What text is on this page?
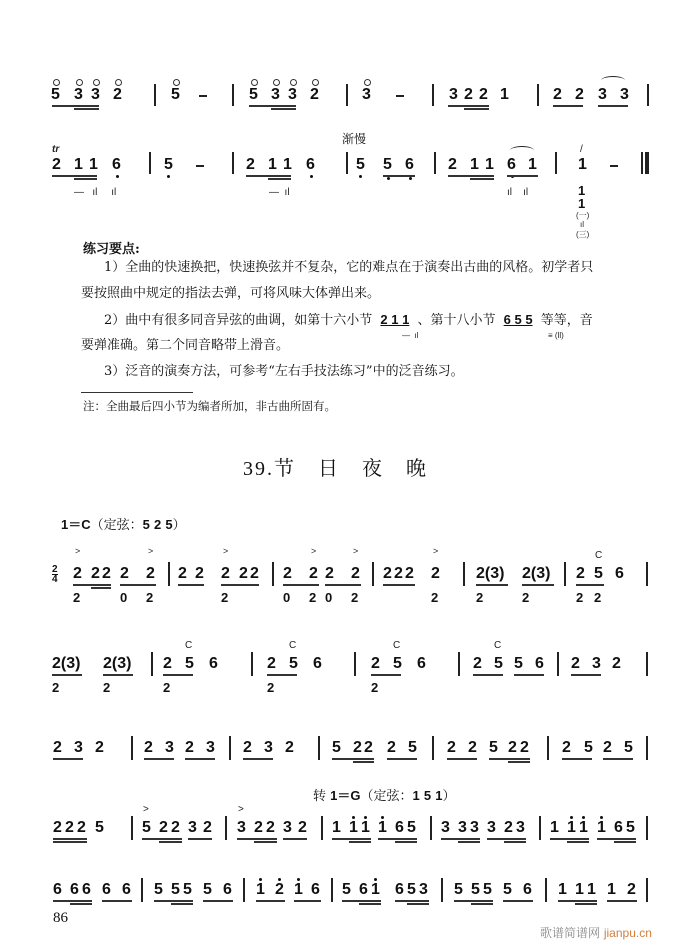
5 3 3 2	5	5 3 3 2	3	3 2 2 1	2 2 3 3
渐慢
tr
2 1 1 6
—   ıl     ıl
5	2 1 1 6
—  ıl
5 5 6 2 1 1 6 1
ıl    ıl
/
1
1
1
(一)
ıl
(三)
练习要点:
1）全曲的快速换把，快速换弦并不复杂，它的难点在于演奏出古曲的风格。初学者只
要按照曲中规定的指法去弹，可将风味大体弹出来。
2）曲中有很多同音异弦的曲调，如第十六小节 2 1 1 、第十八小节 6 5 5 等等，音
—  ıl	≡ (ll)
要弹准确。第二个同音略带上滑音。
3）泛音的演奏方法，可参考“左右手技法练习”中的泛音练习。
注：全曲最后四小节为编者所加，非古曲所固有。
39.节 日 夜 晚
1＝C（定弦：5 2 5）
2
4
>
2 2 2 2
>
2
2	0 2
2 2 2 2 2
>
2
2 2 2 2
>	>
0 2 0 2
2 2 2 2
>
2
2(3) 2(3)
2	2
C
2 5 6
2 2
2(3) 2(3)
2	2
C
2 5 6
2
C
2 5 6
2
C
2 5 6
2
C
2 5 5 6 2 3 2
2 3 2	2 3 2 3 2 3 2 5 2 2 2 5 2 2 5 2 2 2 5 2 5
转 1＝G（定弦：1 5 1）
2 2 2 5
>
5 2 2 3 2
>
3 2 2 3 2 1 1 1 1 6 5 3 3 3 3 2 3 1 1 1 1 6 5
6 6 6 6 6 5 5 5 5 6 1 2 1 6 5 6 1 6 5 3 5 5 5 5 6 1 1 1 1 2
86
歌谱简谱网 jianpu.cn
